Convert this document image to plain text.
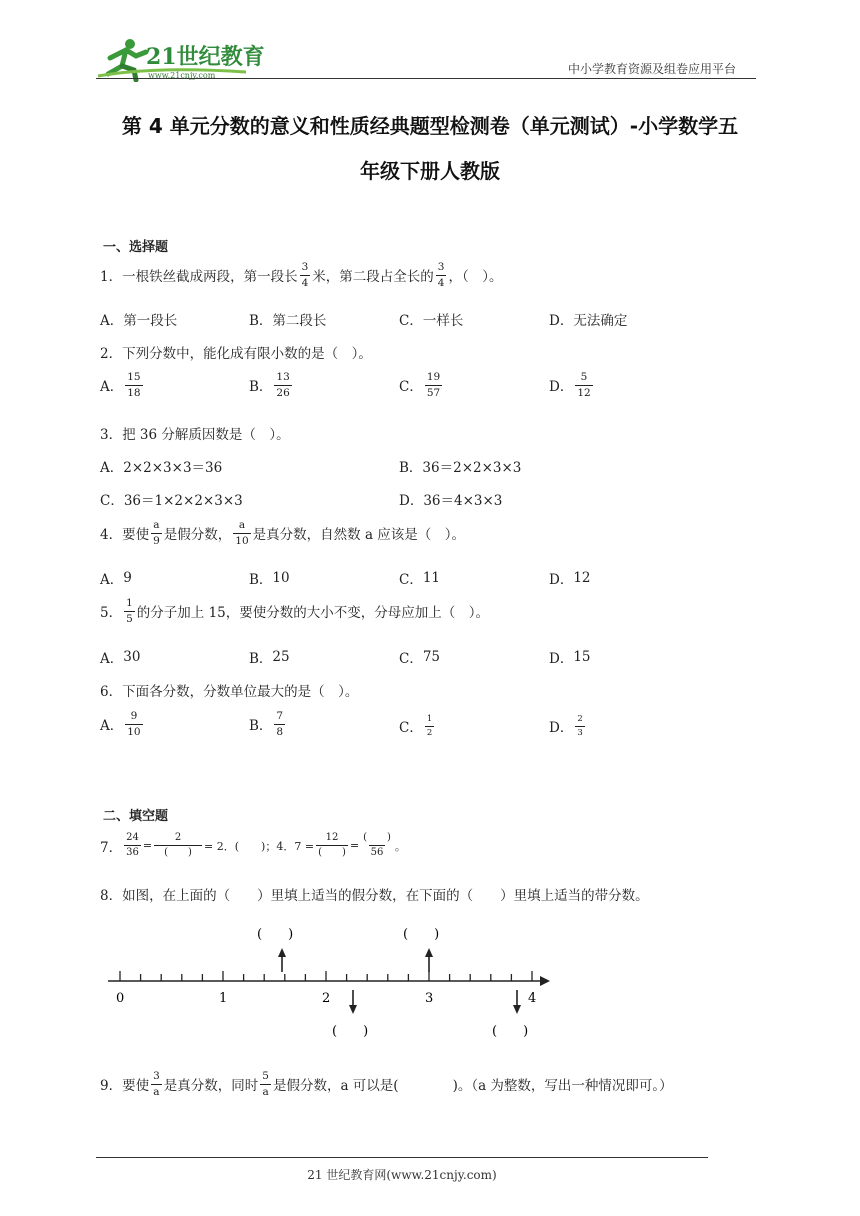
21世纪教育
www.21cnjy.com	中小学教育资源及组卷应用平台
第 4 单元分数的意义和性质经典题型检测卷（单元测试）-小学数学五
年级下册人教版
一、选择题
1． 一根铁丝截成两段，第一段长 $\frac{3}{4}$ 米，第二段占全长的 $\frac{3}{4}$ ，（　）。
A． 第一段长	B． 第二段长	C． 一样长	D． 无法确定
2．下列分数中，能化成有限小数的是（　）。
A． $\frac{15}{18}$	B． $\frac{13}{26}$	C． $\frac{19}{57}$	D． $\frac{5}{12}$
3．把 36 分解质因数是（　）。
A． 2×2×3×3＝36	B． 36＝2×2×3×3
C． 36＝1×2×2×3×3	D． 36＝4×3×3
4． 要使 $\frac{a}{9}$ 是假分数， $\frac{a}{10}$ 是真分数，自然数 a 应该是（　）。
A． 9	B． 10	C． 11	D． 12
5． $\frac{1}{5}$ 的分子加上 15，要使分数的大小不变，分母应加上（　）。
A． 30	B． 25	C． 75	D． 15
6．下面各分数，分数单位最大的是（　）。
A． $\frac{9}{10}$	B． $\frac{7}{8}$	C． $\frac{1}{2}$	D． $\frac{2}{3}$
二、填空题
7． $\frac{24}{36} = \frac{2}{( )} = 2$．(　　)；4．$7 = \frac{12}{( )} = \frac{( )}{56}$ 。
8．如图，在上面的（　　）里填上适当的假分数，在下面的（　　）里填上适当的带分数。
(　　)	(　　)
(　　)	(　　)
0	1	2	3	4
9． 要使 $\frac{3}{a}$ 是真分数，同时 $\frac{5}{a}$ 是假分数，a 可以是(　　　　)。（a 为整数，写出一种情况即可。）
21 世纪教育网(www.21cnjy.com)
